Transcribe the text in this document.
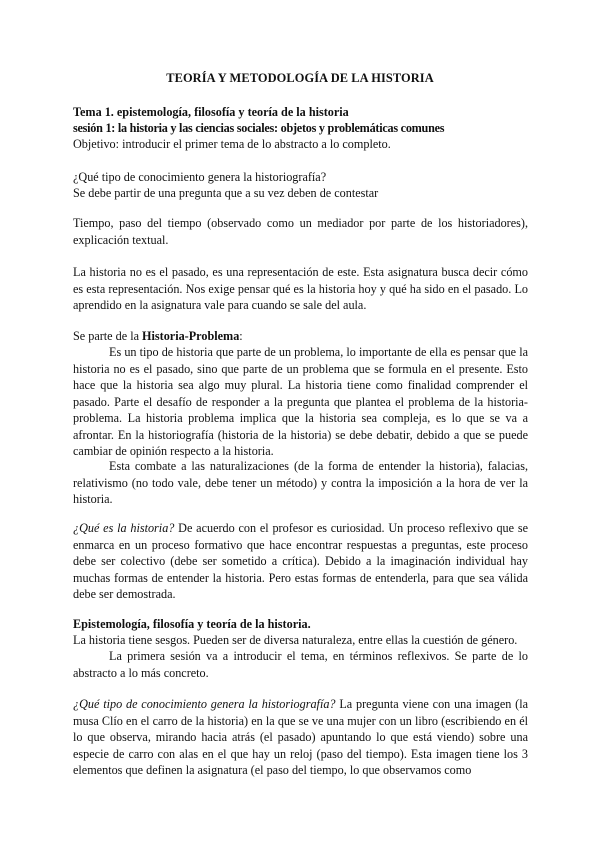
TEORÍA Y METODOLOGÍA DE LA HISTORIA
Tema 1. epistemología, filosofía y teoría de la historia
sesión 1: la historia y las ciencias sociales: objetos y problemáticas comunes
Objetivo: introducir el primer tema de lo abstracto a lo completo.
¿Qué tipo de conocimiento genera la historiografía?
Se debe partir de una pregunta que a su vez deben de contestar

Tiempo, paso del tiempo (observado como un mediador por parte de los historiadores), explicación textual.

La historia no es el pasado, es una representación de este. Esta asignatura busca decir cómo es esta representación. Nos exige pensar qué es la historia hoy y qué ha sido en el pasado. Lo aprendido en la asignatura vale para cuando se sale del aula.

Se parte de la Historia-Problema:

Es un tipo de historia que parte de un problema, lo importante de ella es pensar que la historia no es el pasado, sino que parte de un problema que se formula en el presente. Esto hace que la historia sea algo muy plural. La historia tiene como finalidad comprender el pasado. Parte el desafío de responder a la pregunta que plantea el problema de la historia-problema. La historia problema implica que la historia sea compleja, es lo que se va a afrontar. En la historiografía (historia de la historia) se debe debatir, debido a que se puede cambiar de opinión respecto a la historia.

Esta combate a las naturalizaciones (de la forma de entender la historia), falacias, relativismo (no todo vale, debe tener un método) y contra la imposición a la hora de ver la historia.

¿Qué es la historia? De acuerdo con el profesor es curiosidad. Un proceso reflexivo que se enmarca en un proceso formativo que hace encontrar respuestas a preguntas, este proceso debe ser colectivo (debe ser sometido a crítica). Debido a la imaginación individual hay muchas formas de entender la historia. Pero estas formas de entenderla, para que sea válida debe ser demostrada.

Epistemología, filosofía y teoría de la historia.
La historia tiene sesgos. Pueden ser de diversa naturaleza, entre ellas la cuestión de género.

La primera sesión va a introducir el tema, en términos reflexivos. Se parte de lo abstracto a lo más concreto.

¿Qué tipo de conocimiento genera la historiografía? La pregunta viene con una imagen (la musa Clío en el carro de la historia) en la que se ve una mujer con un libro (escribiendo en él lo que observa, mirando hacia atrás (el pasado) apuntando lo que está viendo) sobre una especie de carro con alas en el que hay un reloj (paso del tiempo). Esta imagen tiene los 3 elementos que definen la asignatura (el paso del tiempo, lo que observamos como
